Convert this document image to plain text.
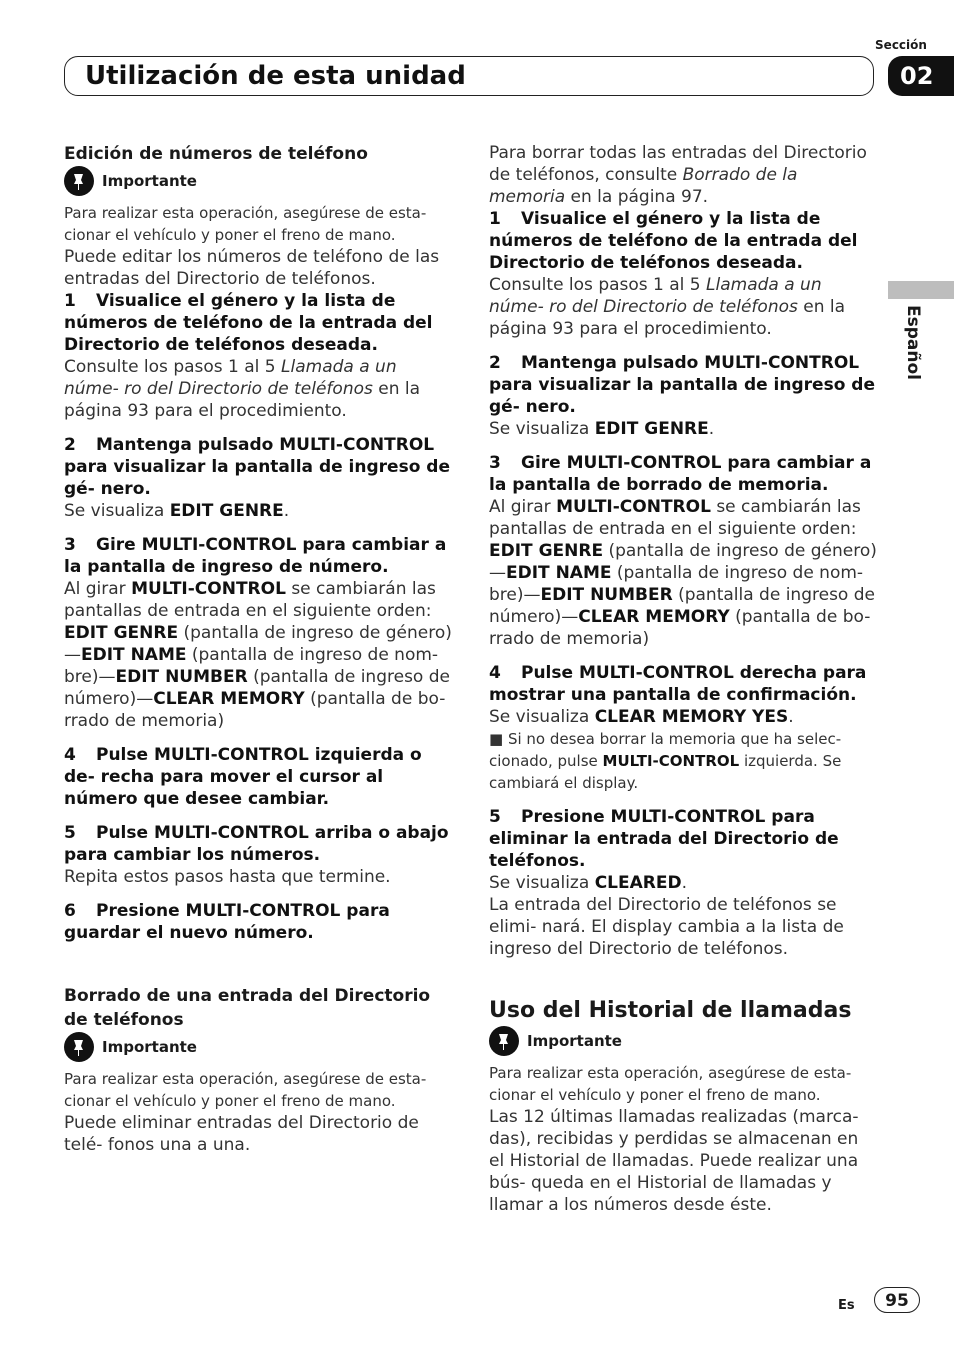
Sección
Utilización de esta unidad	02
Español

Edición de números de teléfono

Importante

Para realizar esta operación, asegúrese de esta- cionar el vehículo y poner el freno de mano.

Puede editar los números de teléfono de las entradas del Directorio de teléfonos.

1 Visualice el género y la lista de números de teléfono de la entrada del Directorio de teléfonos deseada.
Consulte los pasos 1 al 5 Llamada a un núme- ro del Directorio de teléfonos en la página 93 para el procedimiento.
2 Mantenga pulsado MULTI-CONTROL para visualizar la pantalla de ingreso de gé- nero.
Se visualiza EDIT GENRE.
3 Gire MULTI-CONTROL para cambiar a la pantalla de ingreso de número.
Al girar MULTI-CONTROL se cambiarán las pantallas de entrada en el siguiente orden: EDIT GENRE (pantalla de ingreso de género) —EDIT NAME (pantalla de ingreso de nom- bre)—EDIT NUMBER (pantalla de ingreso de número)—CLEAR MEMORY (pantalla de bo- rrado de memoria)
4 Pulse MULTI-CONTROL izquierda o de- recha para mover el cursor al número que desee cambiar.
5 Pulse MULTI-CONTROL arriba o abajo para cambiar los números.
Repita estos pasos hasta que termine.
6 Presione MULTI-CONTROL para guardar el nuevo número.

Borrado de una entrada del Directorio de teléfonos

Importante

Para realizar esta operación, asegúrese de esta- cionar el vehículo y poner el freno de mano.

Puede eliminar entradas del Directorio de telé- fonos una a una.

Para borrar todas las entradas del Directorio de teléfonos, consulte Borrado de la memoria en la página 97.

1 Visualice el género y la lista de números de teléfono de la entrada del Directorio de teléfonos deseada.
Consulte los pasos 1 al 5 Llamada a un núme- ro del Directorio de teléfonos en la página 93 para el procedimiento.
2 Mantenga pulsado MULTI-CONTROL para visualizar la pantalla de ingreso de gé- nero.
Se visualiza EDIT GENRE.
3 Gire MULTI-CONTROL para cambiar a la pantalla de borrado de memoria.
Al girar MULTI-CONTROL se cambiarán las pantallas de entrada en el siguiente orden: EDIT GENRE (pantalla de ingreso de género) —EDIT NAME (pantalla de ingreso de nom- bre)—EDIT NUMBER (pantalla de ingreso de número)—CLEAR MEMORY (pantalla de bo- rrado de memoria)
4 Pulse MULTI-CONTROL derecha para mostrar una pantalla de confirmación.
Se visualiza CLEAR MEMORY YES.
■ Si no desea borrar la memoria que ha selec- cionado, pulse MULTI-CONTROL izquierda. Se cambiará el display.
5 Presione MULTI-CONTROL para eliminar la entrada del Directorio de teléfonos.
Se visualiza CLEARED.
La entrada del Directorio de teléfonos se elimi- nará. El display cambia a la lista de ingreso del Directorio de teléfonos.

Uso del Historial de llamadas

Importante

Para realizar esta operación, asegúrese de esta- cionar el vehículo y poner el freno de mano.

Las 12 últimas llamadas realizadas (marca- das), recibidas y perdidas se almacenan en el Historial de llamadas. Puede realizar una bús- queda en el Historial de llamadas y llamar a los números desde éste.

Es	95
